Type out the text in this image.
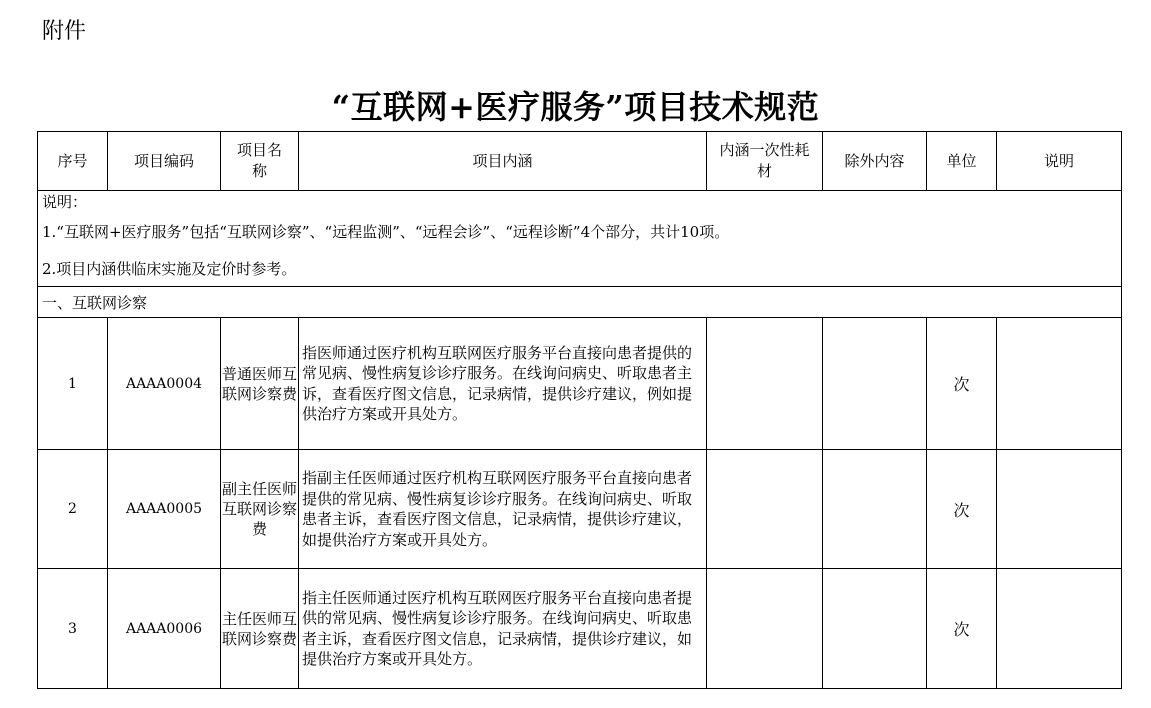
附件
“互联网+医疗服务”项目技术规范
序号	项目编码	项目名称	项目内涵	内涵一次性耗材	除外内容	单位	说明

说明：

1.“互联网+医疗服务”包括“互联网诊察”、“远程监测”、“远程会诊”、“远程诊断”4个部分，共计10项。

2.项目内涵供临床实施及定价时参考。							

一、互联网诊察							
1	AAAA0004	普通医师互联网诊察费	指医师通过医疗机构互联网医疗服务平台直接向患者提供的常见病、慢性病复诊诊疗服务。在线询问病史、听取患者主诉，查看医疗图文信息，记录病情，提供诊疗建议，例如提供治疗方案或开具处方。			次	
2	AAAA0005	副主任医师互联网诊察费	指副主任医师通过医疗机构互联网医疗服务平台直接向患者提供的常见病、慢性病复诊诊疗服务。在线询问病史、听取患者主诉，查看医疗图文信息，记录病情，提供诊疗建议，如提供治疗方案或开具处方。			次	
3	AAAA0006	主任医师互联网诊察费	指主任医师通过医疗机构互联网医疗服务平台直接向患者提供的常见病、慢性病复诊诊疗服务。在线询问病史、听取患者主诉，查看医疗图文信息，记录病情，提供诊疗建议，如提供治疗方案或开具处方。			次	
